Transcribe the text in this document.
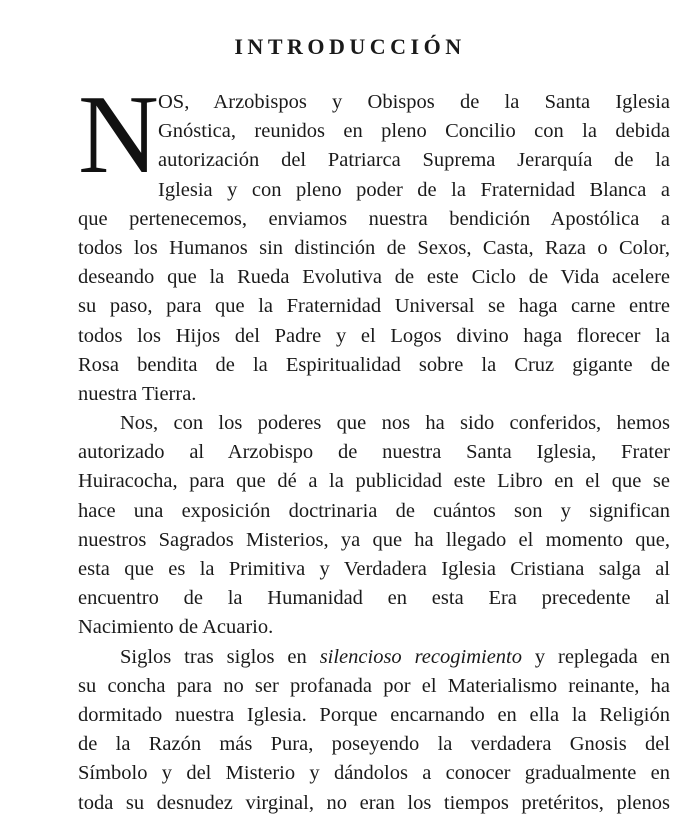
INTRODUCCIÓN
N OS, Arzobispos y Obispos de la Santa Iglesia
Gnóstica, reunidos en pleno Concilio con la debida
autorización del Patriarca Suprema Jerarquía de la
Iglesia y con pleno poder de la Fraternidad Blanca a
que pertenecemos, enviamos nuestra bendición Apostólica a
todos los Humanos sin distinción de Sexos, Casta, Raza o Color,
deseando que la Rueda Evolutiva de este Ciclo de Vida acelere
su paso, para que la Fraternidad Universal se haga carne entre
todos los Hijos del Padre y el Logos divino haga florecer la
Rosa bendita de la Espiritualidad sobre la Cruz gigante de
nuestra Tierra.
Nos, con los poderes que nos ha sido conferidos, hemos
autorizado al Arzobispo de nuestra Santa Iglesia, Frater
Huiracocha, para que dé a la publicidad este Libro en el que se
hace una exposición doctrinaria de cuántos son y significan
nuestros Sagrados Misterios, ya que ha llegado el momento que,
esta que es la Primitiva y Verdadera Iglesia Cristiana salga al
encuentro de la Humanidad en esta Era precedente al
Nacimiento de Acuario.
Siglos tras siglos en silencioso recogimiento y replegada en
su concha para no ser profanada por el Materialismo reinante, ha
dormitado nuestra Iglesia. Porque encarnando en ella la Religión
de la Razón más Pura, poseyendo la verdadera Gnosis del
Símbolo y del Misterio y dándolos a conocer gradualmente en
toda su desnudez virginal, no eran los tiempos pretéritos, plenos
